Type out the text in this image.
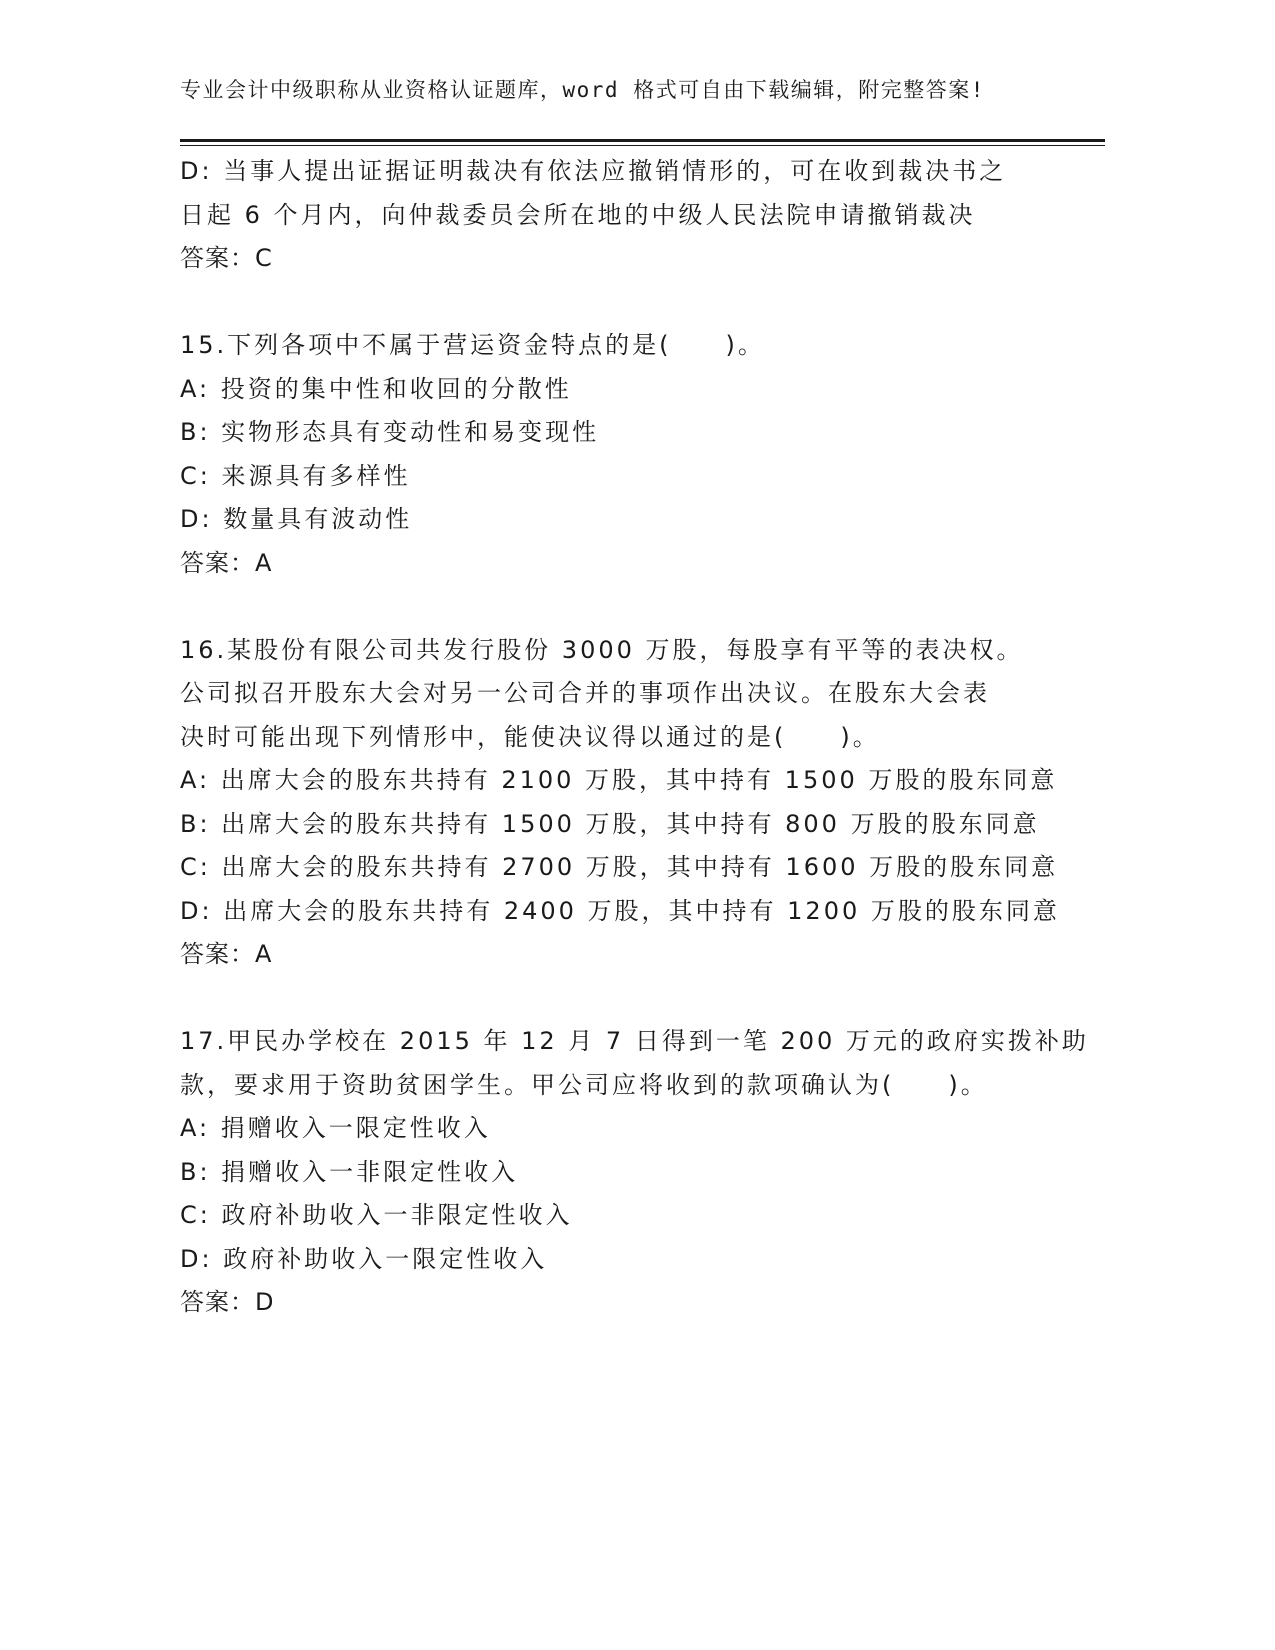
专业会计中级职称从业资格认证题库，word 格式可自由下载编辑，附完整答案!
D: 当事人提出证据证明裁决有依法应撤销情形的，可在收到裁决书之
日起 6 个月内，向仲裁委员会所在地的中级人民法院申请撤销裁决
答案：C
15.下列各项中不属于营运资金特点的是(　　)。
A: 投资的集中性和收回的分散性
B: 实物形态具有变动性和易变现性
C: 来源具有多样性
D: 数量具有波动性
答案：A
16.某股份有限公司共发行股份 3000 万股，每股享有平等的表决权。
公司拟召开股东大会对另一公司合并的事项作出决议。在股东大会表
决时可能出现下列情形中，能使决议得以通过的是(　　)。
A: 出席大会的股东共持有 2100 万股，其中持有 1500 万股的股东同意
B: 出席大会的股东共持有 1500 万股，其中持有 800 万股的股东同意
C: 出席大会的股东共持有 2700 万股，其中持有 1600 万股的股东同意
D: 出席大会的股东共持有 2400 万股，其中持有 1200 万股的股东同意
答案：A
17.甲民办学校在 2015 年 12 月 7 日得到一笔 200 万元的政府实拨补助
款，要求用于资助贫困学生。甲公司应将收到的款项确认为(　　)。
A: 捐赠收入一限定性收入
B: 捐赠收入一非限定性收入
C: 政府补助收入一非限定性收入
D: 政府补助收入一限定性收入
答案：D
